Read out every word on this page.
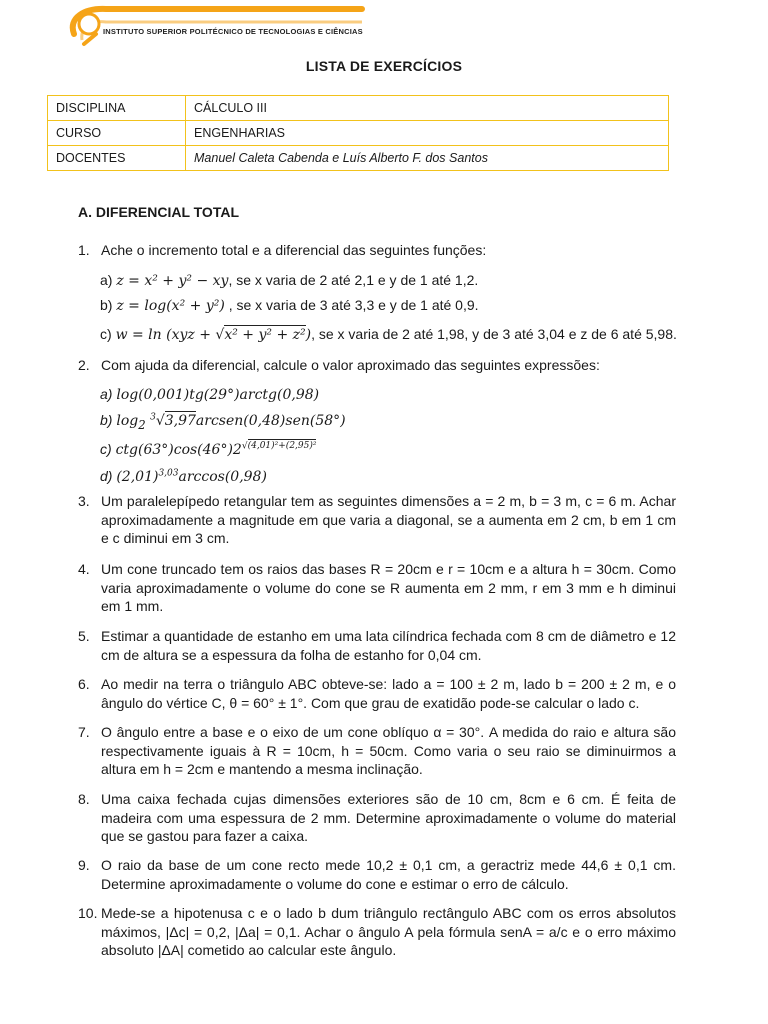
INSTITUTO SUPERIOR POLITÉCNICO DE TECNOLOGIAS E CIÊNCIAS
LISTA DE EXERCÍCIOS
DISCIPLINA	CÁLCULO III
CURSO	ENGENHARIAS
DOCENTES	Manuel Caleta Cabenda e Luís Alberto F. dos Santos
A. DIFERENCIAL TOTAL
1. Ache o incremento total e a diferencial das seguintes funções:
a) z = x² + y² − xy, se x varia de 2 até 2,1 e y de 1 até 1,2.
b) z = log(x² + y²) , se x varia de 3 até 3,3 e y de 1 até 0,9.
c) w = ln (xyz + √x² + y² + z²), se x varia de 2 até 1,98, y de 3 até 3,04 e z de 6 até 5,98.
2. Com ajuda da diferencial, calcule o valor aproximado das seguintes expressões:
a) log(0,001)tg(29°)arctg(0,98)
b) $\log_2$ $^3$√3,97arcsen(0,48)sen(58°)
c) $ctg(63^\circ)\cos(46^\circ)2^{√(4,01)^2+(2,95)^2}$
d) $(2,01)^{3,03}\arccos(0,98)$
3. Um paralelepípedo retangular tem as seguintes dimensões a = 2 m, b = 3 m, c = 6 m. Achar aproximadamente a magnitude em que varia a diagonal, se a aumenta em 2 cm, b em 1 cm e c diminui em 3 cm.
4. Um cone truncado tem os raios das bases R = 20cm e r = 10cm e a altura h = 30cm. Como varia aproximadamente o volume do cone se R aumenta em 2 mm, r em 3 mm e h diminui em 1 mm.
5. Estimar a quantidade de estanho em uma lata cilíndrica fechada com 8 cm de diâmetro e 12 cm de altura se a espessura da folha de estanho for 0,04 cm.
6. Ao medir na terra o triângulo ABC obteve-se: lado a = 100 ± 2 m, lado b = 200 ± 2 m, e o ângulo do vértice C, θ = 60° ± 1°. Com que grau de exatidão pode-se calcular o lado c.
7. O ângulo entre a base e o eixo de um cone oblíquo α = 30°. A medida do raio e altura são respectivamente iguais à R = 10cm, h = 50cm. Como varia o seu raio se diminuirmos a altura em h = 2cm e mantendo a mesma inclinação.
8. Uma caixa fechada cujas dimensões exteriores são de 10 cm, 8cm e 6 cm. É feita de madeira com uma espessura de 2 mm. Determine aproximadamente o volume do material que se gastou para fazer a caixa.
9. O raio da base de um cone recto mede 10,2 ± 0,1 cm, a geractriz mede 44,6 ± 0,1 cm. Determine aproximadamente o volume do cone e estimar o erro de cálculo.
10. Mede-se a hipotenusa c e o lado b dum triângulo rectângulo ABC com os erros absolutos máximos, |Δc| = 0,2, |Δa| = 0,1. Achar o ângulo A pela fórmula senA = a/c e o erro máximo absoluto |ΔA| cometido ao calcular este ângulo.
